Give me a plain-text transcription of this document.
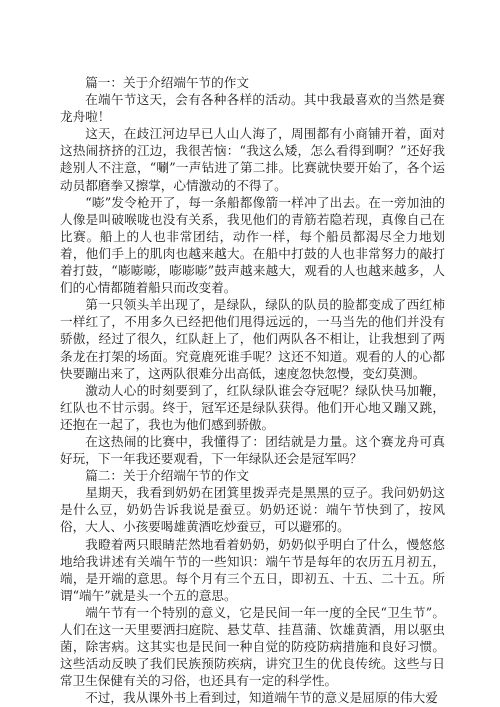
篇一：关于介绍端午节的作文

在端午节这天，会有各种各样的活动。其中我最喜欢的当然是赛龙舟啦！

这天，在歧江河边早已人山人海了，周围都有小商铺开着，面对这热闹挤挤的江边，我很苦恼：“我这么矮，怎么看得到啊？”还好我趁别人不注意，“唰”一声钻进了第二排。比赛就快要开始了，各个运动员都磨拳又擦掌，心情激动的不得了。

“嘭”发令枪开了，每一条船都像箭一样冲了出去。在一旁加油的人像是叫破喉咙也没有关系，我见他们的青筋若隐若现，真像自己在比赛。船上的人也非常团结，动作一样，每个船员都渴尽全力地划着，他们手上的肌肉也越来越大。在船中打鼓的人也非常努力的敲打着打鼓，“嘭嘭嘭，嘭嘭嘭”鼓声越来越大，观看的人也越来越多，人们的心情都随着船只而改变着。

第一只领头羊出现了，是绿队，绿队的队员的脸都变成了西红柿一样红了，不用多久已经把他们甩得远远的，一马当先的他们并没有骄傲，经过了很久，红队赶上了，他们两队各不相让，让我想到了两条龙在打架的场面。究竟鹿死谁手呢？这还不知道。观看的人的心都快要蹦出来了，这两队很难分出高低，速度忽快忽慢，变幻莫测。

激动人心的时刻要到了，红队绿队谁会夺冠呢？绿队快马加鞭，红队也不甘示弱。终于，冠军还是绿队获得。他们开心地又蹦又跳，还抱在一起了，我也为他们感到骄傲。

在这热闹的比赛中，我懂得了：团结就是力量。这个赛龙舟可真好玩，下一年我还要观看，下一年绿队还会是冠军吗？

篇二：关于介绍端午节的作文

星期天，我看到奶奶在团箕里拨弄壳是黑黑的豆子。我问奶奶这是什么豆，奶奶告诉我说是蚕豆。奶奶还说：端午节快到了，按风俗，大人、小孩要喝雄黄酒吃炒蚕豆，可以避邪的。

我瞪着两只眼睛茫然地看着奶奶，奶奶似乎明白了什么，慢悠悠地给我讲述有关端午节的一些知识：端午节是每年的农历五月初五，端，是开端的意思。每个月有三个五日，即初五、十五、二十五。所谓“端午”就是头一个五的意思。

端午节有一个特别的意义，它是民间一年一度的全民“卫生节”。人们在这一天里要洒扫庭院、悬艾草、挂菖蒲、饮雄黄酒，用以驱虫菌，除害病。这其实也是民间一种自觉的防疫防病措施和良好习惯。这些活动反映了我们民族预防疾病，讲究卫生的优良传统。这些与日常卫生保健有关的习俗，也还具有一定的科学性。

不过，我从课外书上看到过，知道端午节的意义是屈原的伟大爱
